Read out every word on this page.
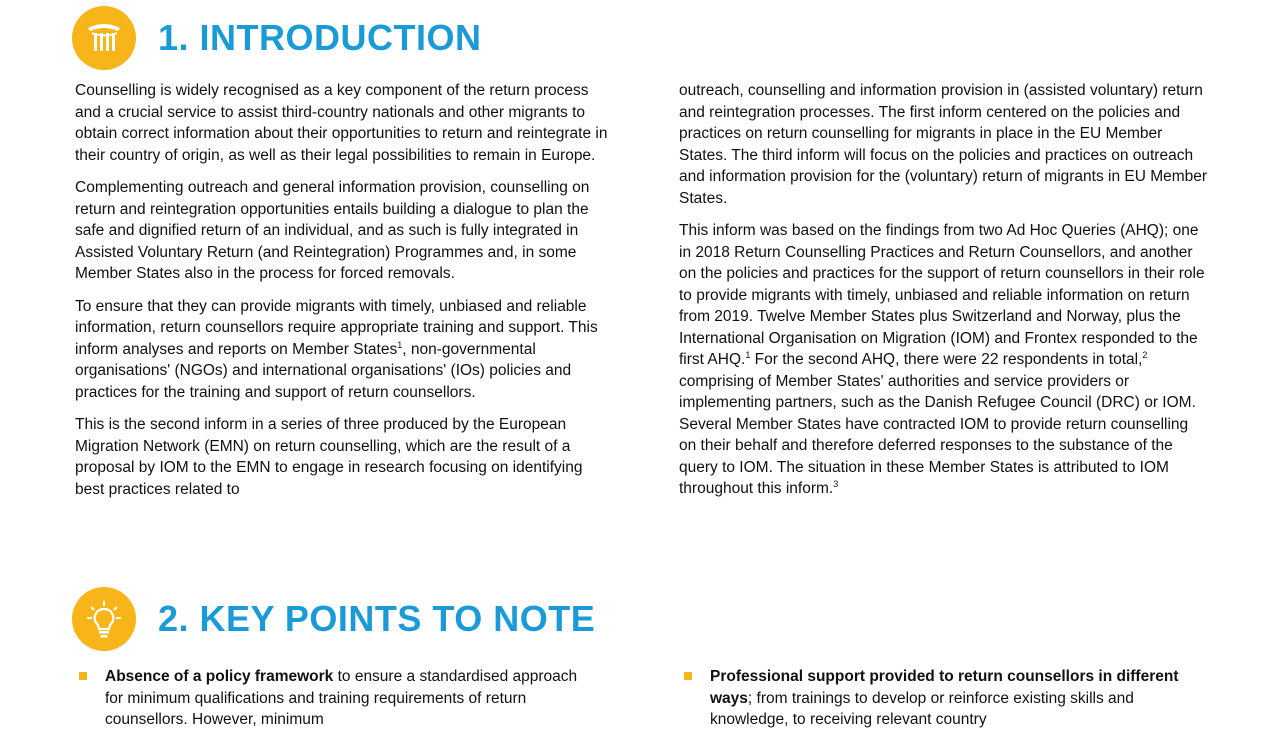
1. INTRODUCTION

Counselling is widely recognised as a key component of the return process and a crucial service to assist third-country nationals and other migrants to obtain correct information about their opportunities to return and reintegrate in their country of origin, as well as their legal possibilities to remain in Europe.

Complementing outreach and general information provision, counselling on return and reintegration opportunities entails building a dialogue to plan the safe and dignified return of an individual, and as such is fully integrated in Assisted Voluntary Return (and Reintegration) Programmes and, in some Member States also in the process for forced removals.

To ensure that they can provide migrants with timely, unbiased and reliable information, return counsellors require appropriate training and support. This inform analyses and reports on Member States$^1$, non-governmental organisations' (NGOs) and international organisations' (IOs) policies and practices for the training and support of return counsellors.

This is the second inform in a series of three produced by the European Migration Network (EMN) on return counselling, which are the result of a proposal by IOM to the EMN to engage in research focusing on identifying best practices related to

outreach, counselling and information provision in (assisted voluntary) return and reintegration processes. The first inform centered on the policies and practices on return counselling for migrants in place in the EU Member States. The third inform will focus on the policies and practices on outreach and information provision for the (voluntary) return of migrants in EU Member States.

This inform was based on the findings from two Ad Hoc Queries (AHQ); one in 2018 Return Counselling Practices and Return Counsellors, and another on the policies and practices for the support of return counsellors in their role to provide migrants with timely, unbiased and reliable information on return from 2019. Twelve Member States plus Switzerland and Norway, plus the International Organisation on Migration (IOM) and Frontex responded to the first AHQ.$^1$ For the second AHQ, there were 22 respondents in total,$^2$ comprising of Member States' authorities and service providers or implementing partners, such as the Danish Refugee Council (DRC) or IOM. Several Member States have contracted IOM to provide return counselling on their behalf and therefore deferred responses to the substance of the query to IOM. The situation in these Member States is attributed to IOM throughout this inform.$^3$

2. KEY POINTS TO NOTE
Absence of a policy framework to ensure a standardised approach for minimum qualifications and training requirements of return counsellors. However, minimum
Professional support provided to return counsellors in different ways; from trainings to develop or reinforce existing skills and knowledge, to receiving relevant country
